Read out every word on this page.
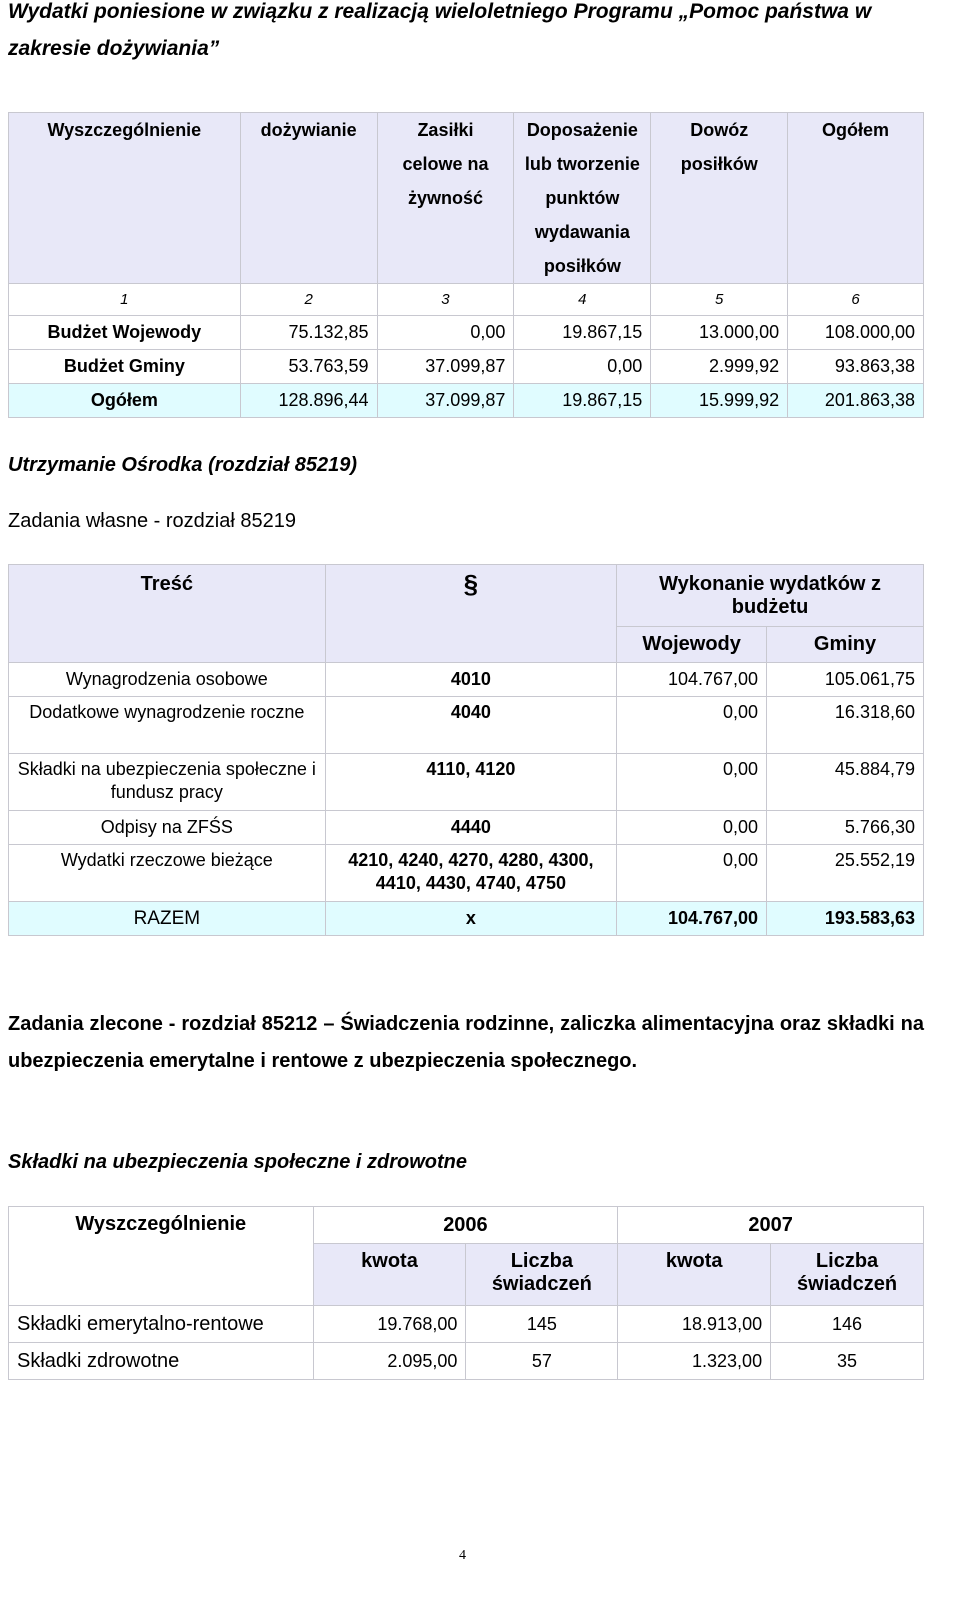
Wydatki poniesione w związku z realizacją wieloletniego Programu „Pomoc państwa w zakresie dożywiania”
Wyszczególnienie	dożywianie	Zasiłki celowe na żywność	Doposażenie lub tworzenie punktów wydawania posiłków	Dowóz posiłków	Ogółem
1	2	3	4	5	6
Budżet Wojewody	75.132,85	0,00	19.867,15	13.000,00	108.000,00
Budżet Gminy	53.763,59	37.099,87	0,00	2.999,92	93.863,38
Ogółem	128.896,44	37.099,87	19.867,15	15.999,92	201.863,38
Utrzymanie Ośrodka (rozdział 85219)
Zadania własne - rozdział 85219
Treść	§	Wykonanie wydatków z budżetu	
		Wojewody	Gminy
Wynagrodzenia osobowe	4010	104.767,00	105.061,75
Dodatkowe wynagrodzenie roczne	4040	0,00	16.318,60
Składki na ubezpieczenia społeczne i fundusz pracy	4110, 4120	0,00	45.884,79
Odpisy na ZFŚS	4440	0,00	5.766,30
Wydatki rzeczowe bieżące	4210, 4240, 4270, 4280, 4300, 4410, 4430, 4740, 4750	0,00	25.552,19
RAZEM	x	104.767,00	193.583,63
Zadania zlecone - rozdział 85212 – Świadczenia rodzinne, zaliczka alimentacyjna oraz składki na ubezpieczenia emerytalne i rentowe z ubezpieczenia społecznego.
Składki na ubezpieczenia społeczne i zdrowotne
Wyszczególnienie	2006		2007	
	kwota	Liczba świadczeń	kwota	Liczba świadczeń
Składki emerytalno-rentowe	19.768,00	145	18.913,00	146
Składki zdrowotne	2.095,00	57	1.323,00	35
4
